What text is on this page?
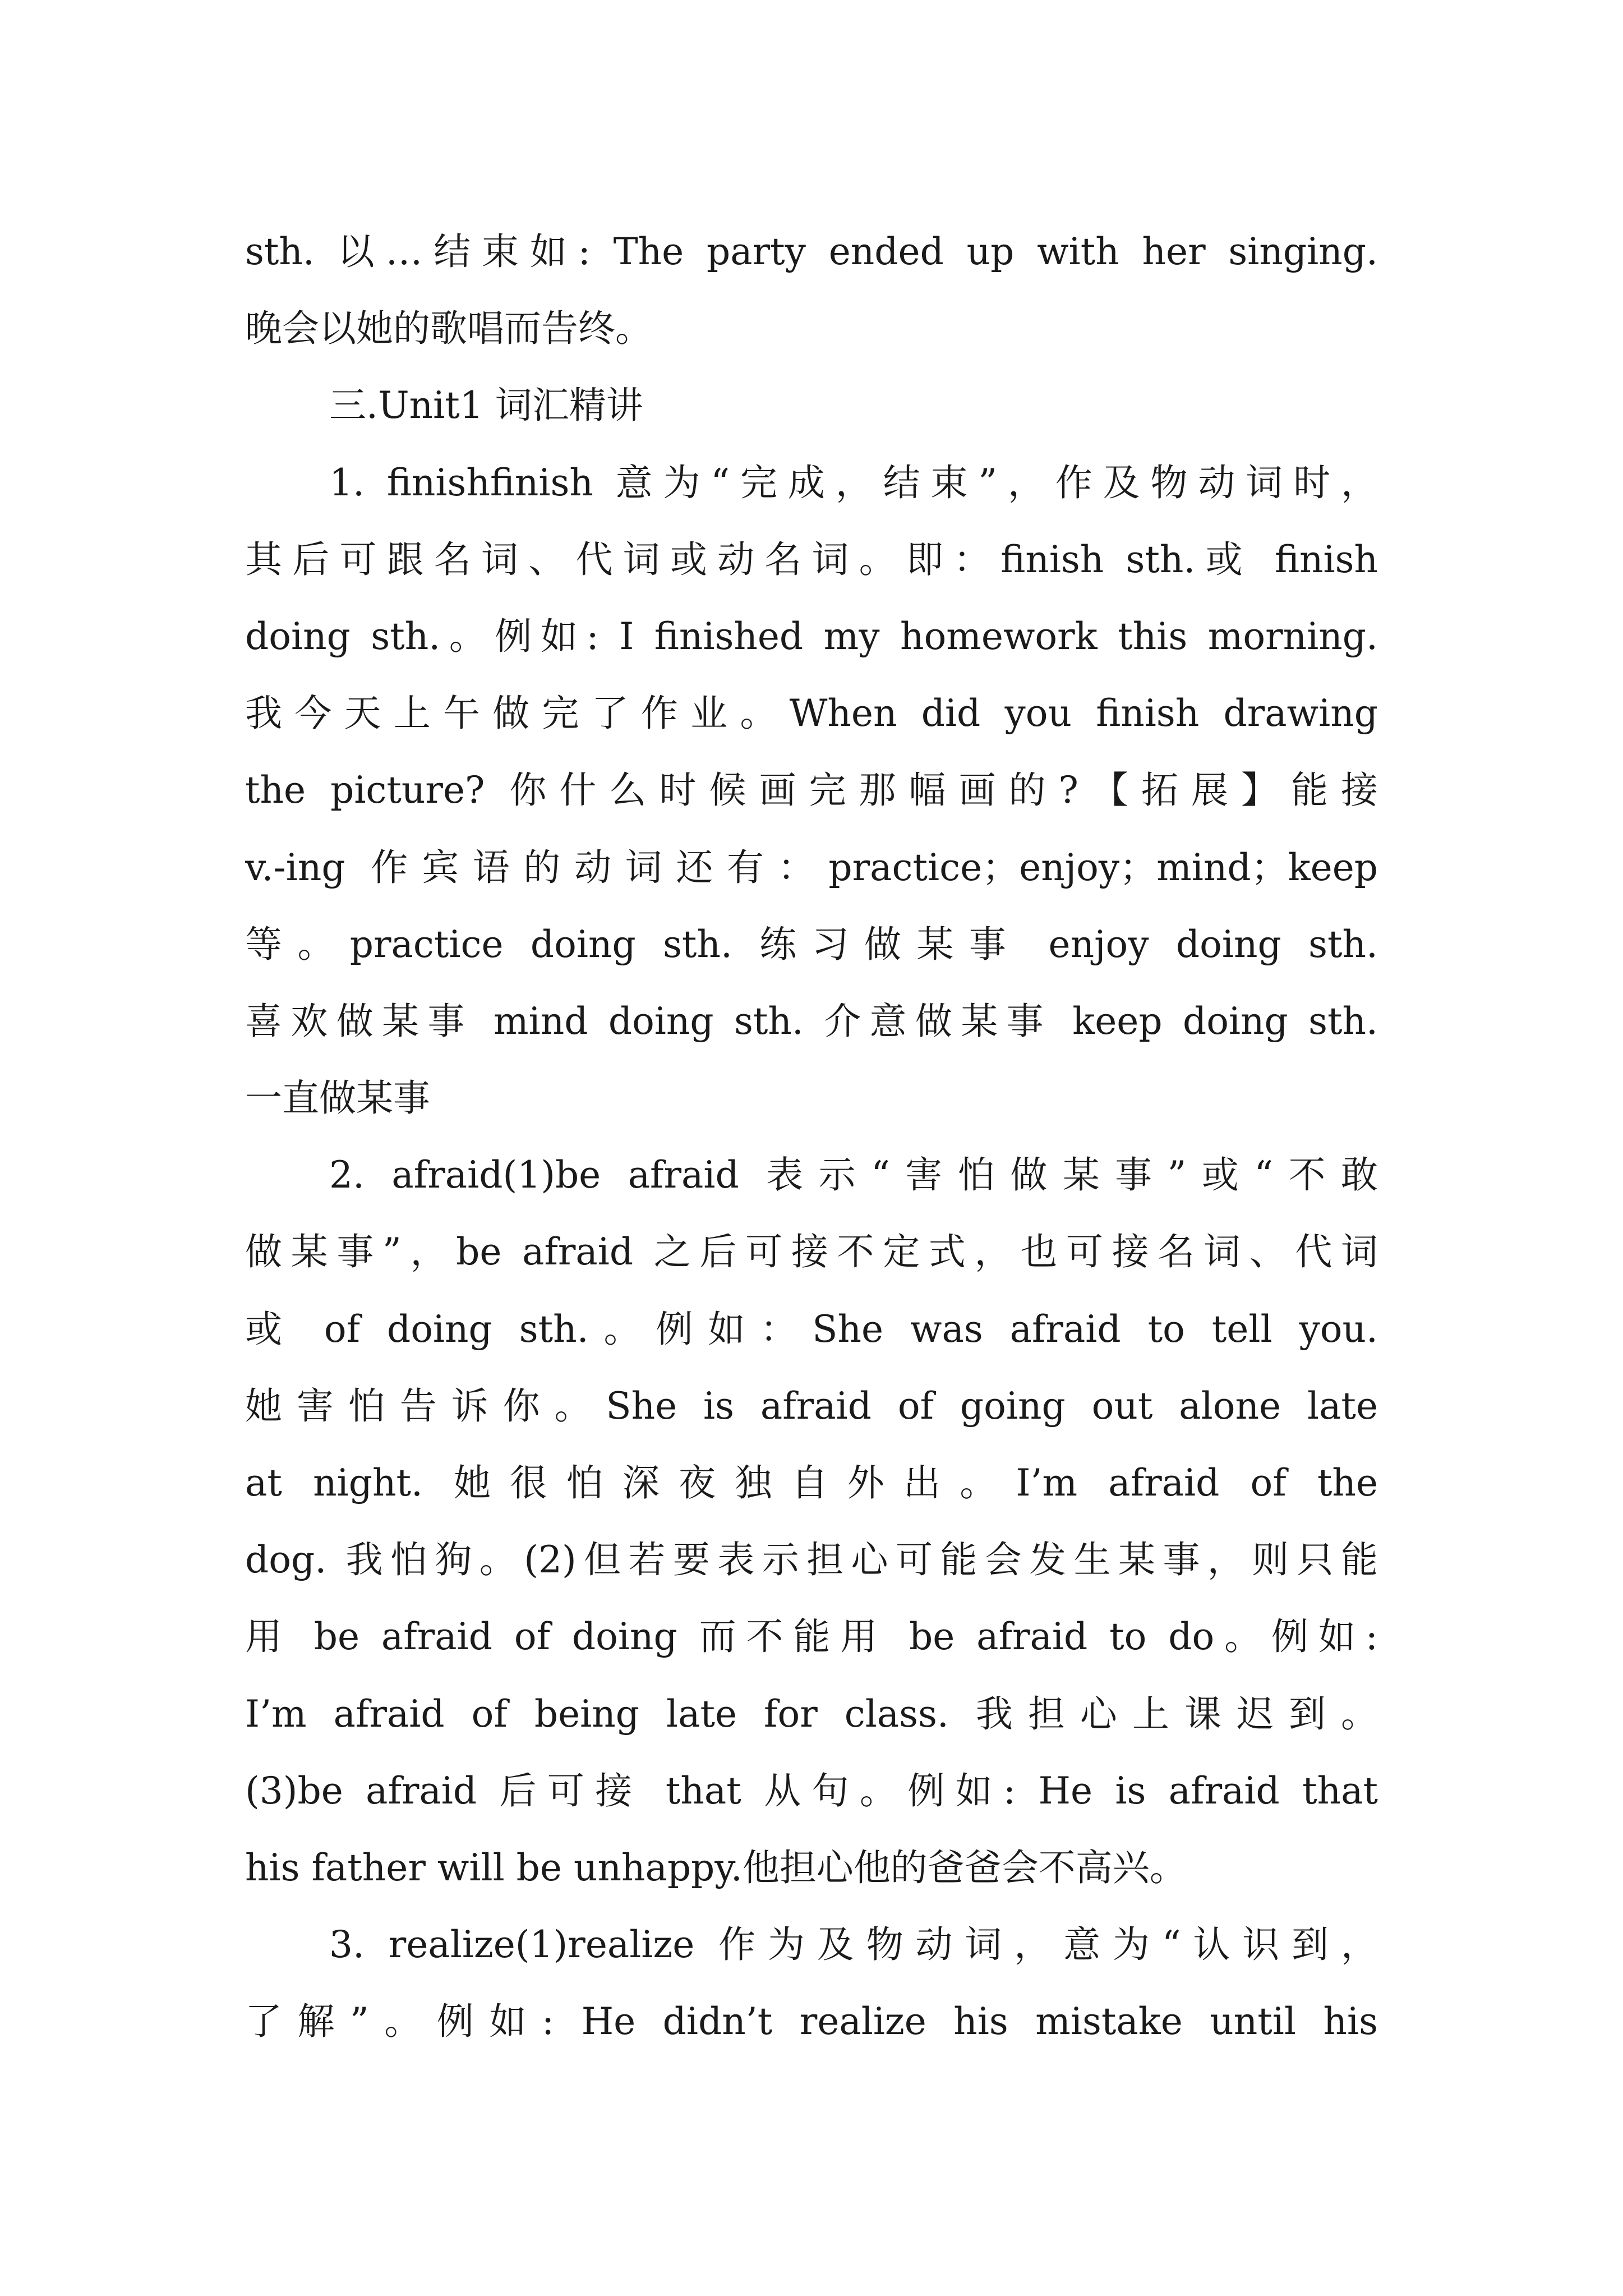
sth. 以…结束如: The party ended up with her singing.
晚会以她的歌唱而告终。
三.Unit1 词汇精讲
1. finishfinish 意为“完成，结束”，作及物动词时，
其后可跟名词、代词或动名词。即：finish sth.或 finish
doing sth.。例如: I finished my homework this morning.
我今天上午做完了作业。When did you finish drawing
the picture? 你什么时候画完那幅画的?【拓展】能接
v.-ing 作宾语的动词还有：practice；enjoy；mind；keep
等。practice doing sth. 练习做某事 enjoy doing sth.
喜欢做某事 mind doing sth. 介意做某事 keep doing sth.
一直做某事
2. afraid(1)be afraid 表示“害怕做某事”或“不敢
做某事”，be afraid 之后可接不定式，也可接名词、代词
或 of doing sth.。例如：She was afraid to tell you.
她害怕告诉你。She is afraid of going out alone late
at night. 她很怕深夜独自外出。I’m afraid of the
dog. 我怕狗。(2)但若要表示担心可能会发生某事，则只能
用 be afraid of doing 而不能用 be afraid to do。例如:
I’m afraid of being late for class. 我担心上课迟到。
(3)be afraid 后可接 that 从句。例如: He is afraid that
his father will be unhappy.他担心他的爸爸会不高兴。
3. realize(1)realize 作为及物动词，意为“认识到，
了解”。例如: He didn’t realize his mistake until his
